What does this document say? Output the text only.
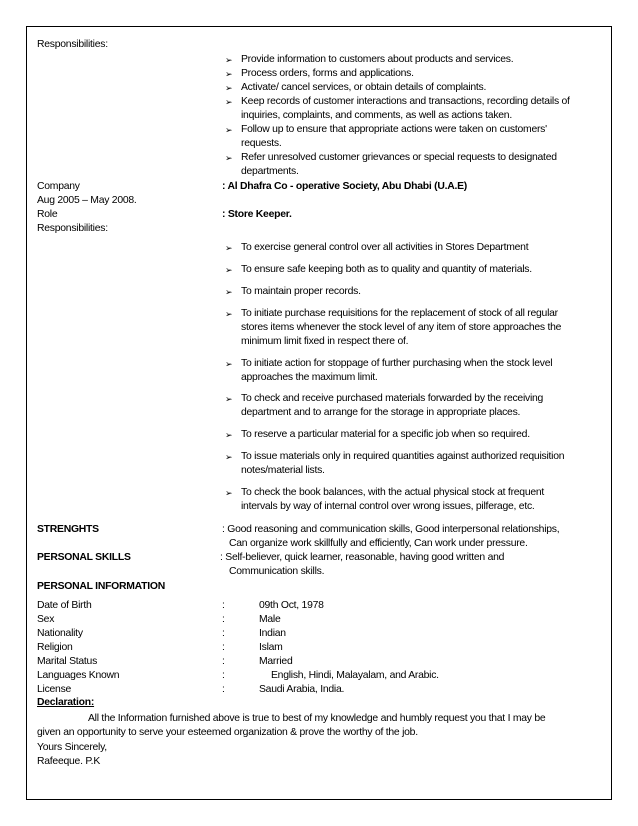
Responsibilities:
➢ Provide information to customers about products and services.
➢ Process orders, forms and applications.
➢ Activate/ cancel services, or obtain details of complaints.
➢ Keep records of customer interactions and transactions, recording details of
inquiries, complaints, and comments, as well as actions taken.
➢ Follow up to ensure that appropriate actions were taken on customers'
requests.
➢ Refer unresolved customer grievances or special requests to designated
departments.
Company	: Al Dhafra Co - operative Society, Abu Dhabi (U.A.E)
Aug 2005 – May 2008.
Role	: Store Keeper.
Responsibilities:
➢ To exercise general control over all activities in Stores Department
➢ To ensure safe keeping both as to quality and quantity of materials.
➢ To maintain proper records.
➢ To initiate purchase requisitions for the replacement of stock of all regular
stores items whenever the stock level of any item of store approaches the
minimum limit fixed in respect there of.
➢ To initiate action for stoppage of further purchasing when the stock level
approaches the maximum limit.
➢ To check and receive purchased materials forwarded by the receiving
department and to arrange for the storage in appropriate places.
➢ To reserve a particular material for a specific job when so required.
➢ To issue materials only in required quantities against authorized requisition
notes/material lists.
➢ To check the book balances, with the actual physical stock at frequent
intervals by way of internal control over wrong issues, pilferage, etc.
STRENGHTS	: Good reasoning and communication skills, Good interpersonal relationships,
Can organize work skillfully and efficiently, Can work under pressure.
PERSONAL SKILLS	: Self-believer, quick learner, reasonable, having good written and
Communication skills.
PERSONAL INFORMATION
Date of Birth	:	09th Oct, 1978
Sex	:	Male
Nationality	:	Indian
Religion	:	Islam
Marital Status	:	Married
Languages Known	:	English, Hindi, Malayalam, and Arabic.
License	:	Saudi Arabia, India.
Declaration:
All the Information furnished above is true to best of my knowledge and humbly request you that I may be
given an opportunity to serve your esteemed organization & prove the worthy of the job.
Yours Sincerely,
Rafeeque. P.K
